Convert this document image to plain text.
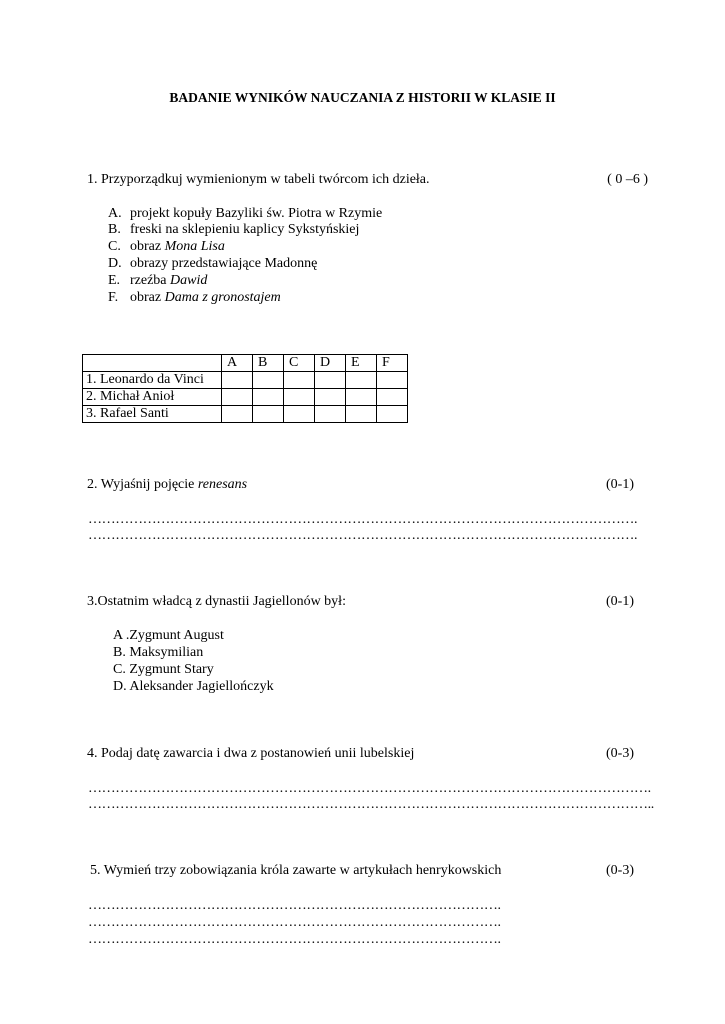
BADANIE WYNIKÓW NAUCZANIA Z HISTORII W KLASIE II
1. Przyporządkuj wymienionym w tabeli twórcom ich dzieła.	( 0 –6 )
A. projekt kopuły Bazyliki św. Piotra w Rzymie
B. freski na sklepieniu kaplicy Sykstyńskiej
C. obraz Mona Lisa
D. obrazy przedstawiające Madonnę
E. rzeźba Dawid
F. obraz Dama z gronostajem
	A	B	C	D	E	F
1. Leonardo da Vinci						
2. Michał Anioł						
3. Rafael Santi						
2. Wyjaśnij pojęcie renesans	(0-1)
………………………………………………………………………………………………………….
………………………………………………………………………………………………………….
3.Ostatnim władcą z dynastii Jagiellonów był:	(0-1)
A .Zygmunt August
B. Maksymilian
C. Zygmunt Stary
D. Aleksander Jagiellończyk
4. Podaj datę zawarcia i dwa z postanowień unii lubelskiej	(0-3)
…………………………………………………………………………………………………………….
……………………………………………………………………………………………………………..
5. Wymień trzy zobowiązania króla zawarte w artykułach henrykowskich	(0-3)
……………………………………………………………………………….
……………………………………………………………………………….
……………………………………………………………………………….
